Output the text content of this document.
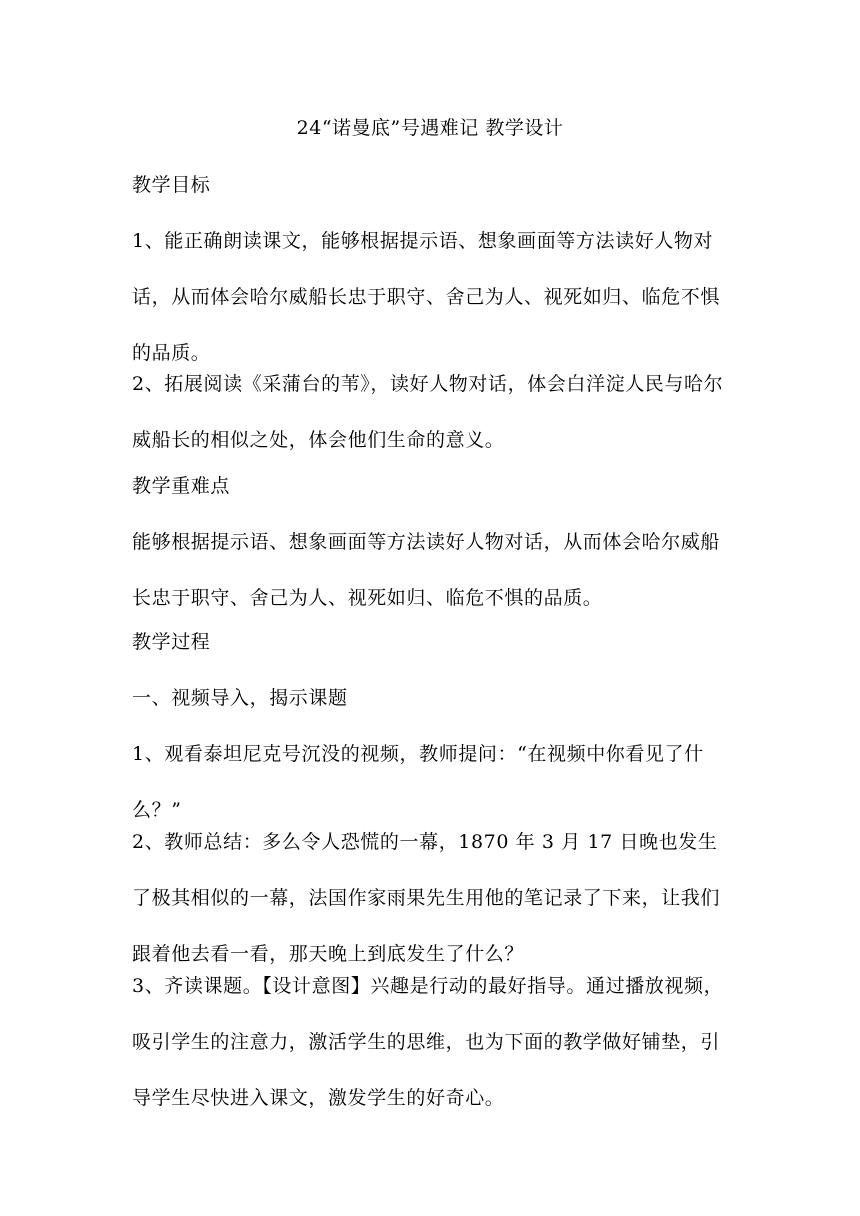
24“诺曼底”号遇难记 教学设计
教学目标

1、能正确朗读课文，能够根据提示语、想象画面等方法读好人物对话，从而体会哈尔威船长忠于职守、舍己为人、视死如归、临危不惧的品质。

2、拓展阅读《采蒲台的苇》，读好人物对话，体会白洋淀人民与哈尔威船长的相似之处，体会他们生命的意义。

教学重难点

能够根据提示语、想象画面等方法读好人物对话，从而体会哈尔威船长忠于职守、舍己为人、视死如归、临危不惧的品质。

教学过程
一、视频导入，揭示课题

1、观看泰坦尼克号沉没的视频，教师提问：“在视频中你看见了什么？”

2、教师总结：多么令人恐慌的一幕，1870 年 3 月 17 日晚也发生了极其相似的一幕，法国作家雨果先生用他的笔记录了下来，让我们跟着他去看一看，那天晚上到底发生了什么？

3、齐读课题。【设计意图】兴趣是行动的最好指导。通过播放视频，吸引学生的注意力，激活学生的思维，也为下面的教学做好铺垫，引导学生尽快进入课文，激发学生的好奇心。
